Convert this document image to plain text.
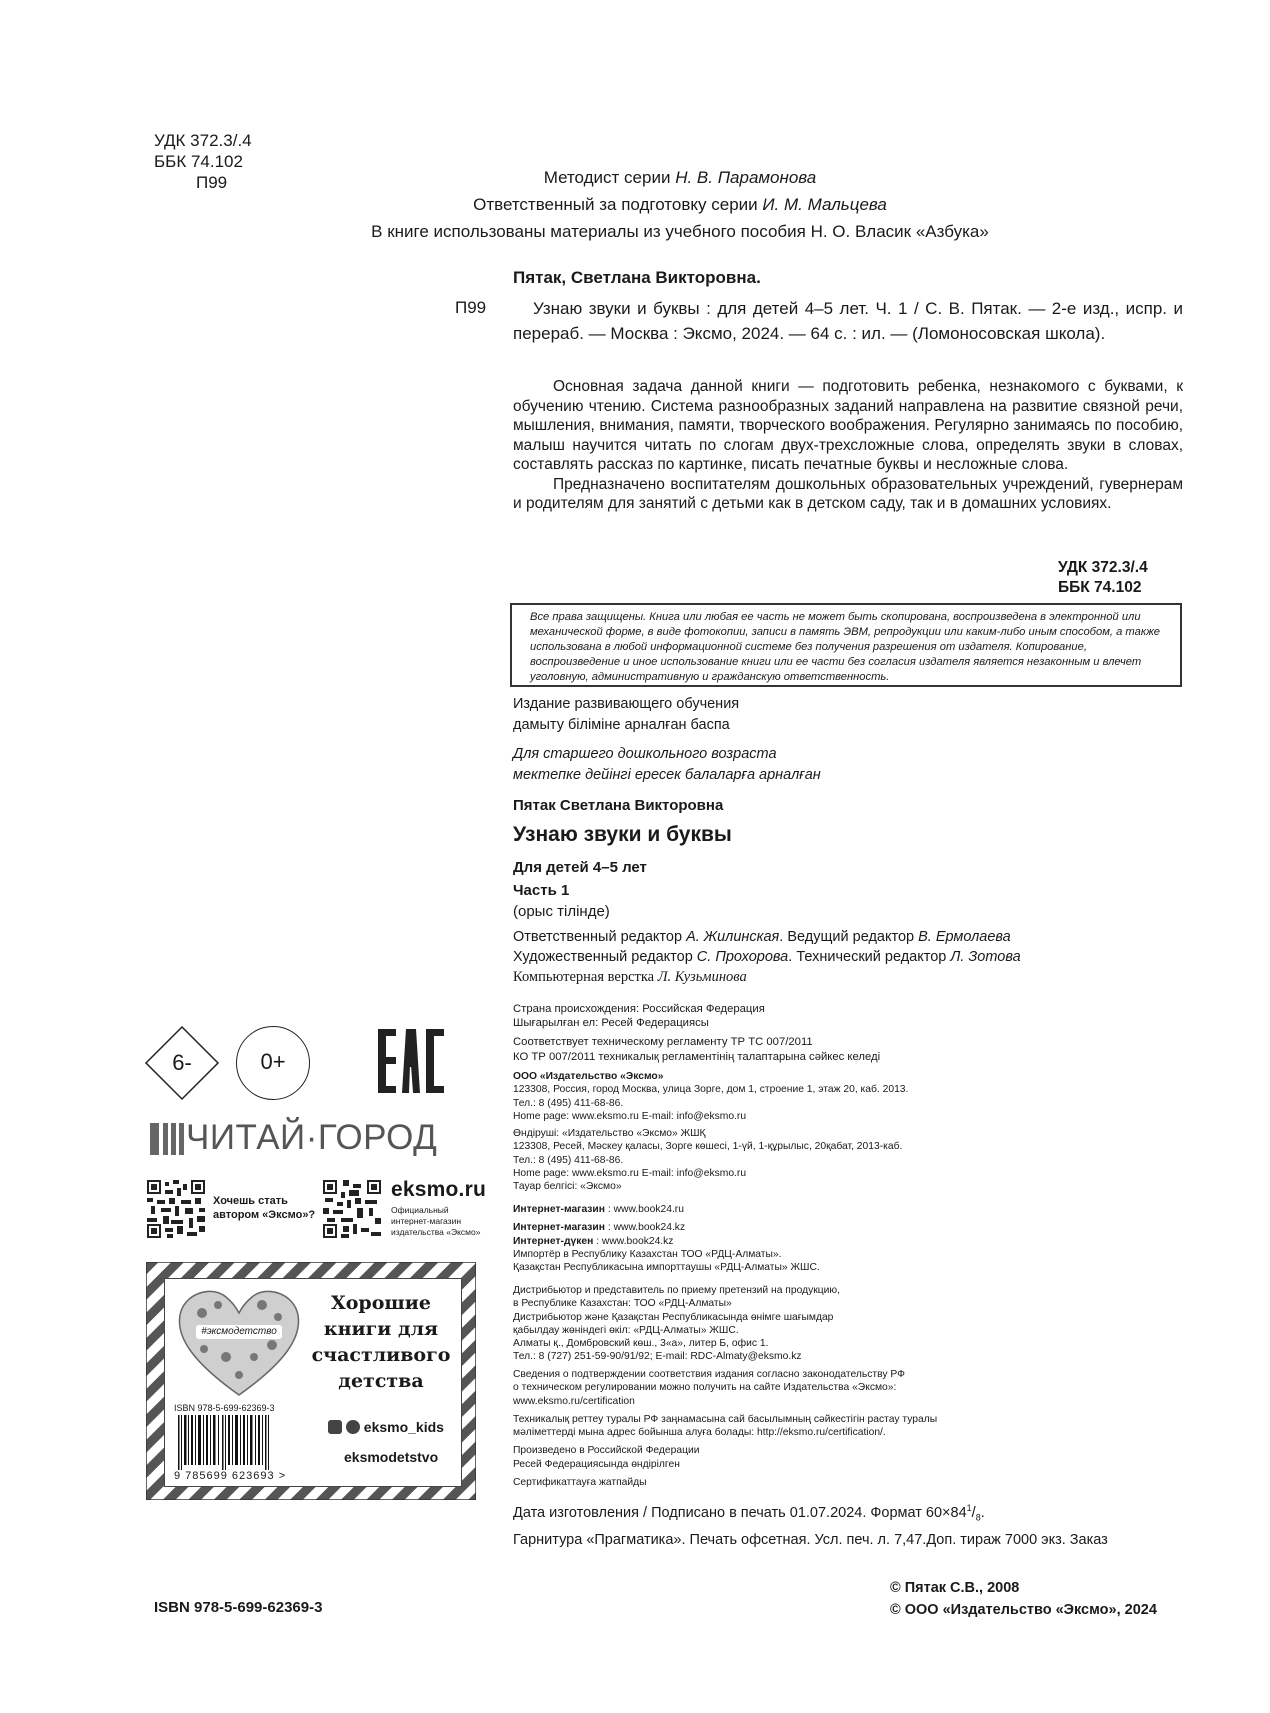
УДК 372.3/.4
ББК 74.102
П99	Методист серии Н. В. Парамонова
Ответственный за подготовку серии И. М. Мальцева
В книге использованы материалы из учебного пособия Н. О. Власик «Азбука»
Пятак, Светлана Викторовна.
П99	Узнаю звуки и буквы : для детей 4–5 лет. Ч. 1 / С. В. Пятак. — 2-е изд., испр. и перераб. — Москва : Эксмо, 2024. — 64 с. : ил. — (Ломоносовская школа).

Основная задача данной книги — подготовить ребенка, незнакомого с буквами, к обучению чтению. Система разнообразных заданий направлена на развитие связной речи, мышления, внимания, памяти, творческого воображения. Регулярно занимаясь по пособию, малыш научится читать по слогам двух-трехсложные слова, определять звуки в словах, составлять рассказ по картинке, писать печатные буквы и несложные слова.

Предназначено воспитателям дошкольных образовательных учреждений, гувернерам и родителям для занятий с детьми как в детском саду, так и в домашних условиях.

УДК 372.3/.4
ББК 74.102
Все права защищены. Книга или любая ее часть не может быть скопирована, воспроизведена в электронной или механической форме, в виде фотокопии, записи в память ЭВМ, репродукции или каким-либо иным способом, а также использована в любой информационной системе без получения разрешения от издателя. Копирование, воспроизведение и иное использование книги или ее части без согласия издателя является незаконным и влечет уголовную, административную и гражданскую ответственность.
Издание развивающего обучения
дамыту біліміне арналған баспа
Для старшего дошкольного возраста
мектепке дейінгі ересек балаларға арналған
Пятак Светлана Викторовна
Узнаю звуки и буквы
Для детей 4–5 лет
Часть 1
(орыс тілінде)
Ответственный редактор А. Жилинская. Ведущий редактор В. Ермолаева
Художественный редактор С. Прохорова. Технический редактор Л. Зотова
Компьютерная верстка Л. Кузьминова
Страна происхождения: Российская Федерация
Шығарылған ел: Ресей Федерациясы
Соответствует техническому регламенту ТР ТС 007/2011
КО ТР 007/2011 техникалық регламентінің талаптарына сәйкес келеді
ООО «Издательство «Эксмо»
123308, Россия, город Москва, улица Зорге, дом 1, строение 1, этаж 20, каб. 2013.
Тел.: 8 (495) 411-68-86.
Home page: www.eksmo.ru E-mail: info@eksmo.ru
Өндіруші: «Издательство «Эксмо» ЖШҚ
123308, Ресей, Мәскеу қаласы, Зорге көшесі, 1-үй, 1-құрылыс, 20қабат, 2013-каб.
Тел.: 8 (495) 411-68-86.
Home page: www.eksmo.ru E-mail: info@eksmo.ru
Тауар белгісі: «Эксмо»
Интернет-магазин : www.book24.ru
Интернет-магазин : www.book24.kz
Интернет-дүкен : www.book24.kz
Импортёр в Республику Казахстан ТОО «РДЦ-Алматы».
Қазақстан Республикасына импорттаушы «РДЦ-Алматы» ЖШС.
Дистрибьютор и представитель по приему претензий на продукцию,
в Республике Казахстан: ТОО «РДЦ-Алматы»
Дистрибьютор және Қазақстан Республикасында өнімге шағымдар
қабылдау жөніндегі өкіл: «РДЦ-Алматы» ЖШС.
Алматы қ., Домбровский көш., 3«а», литер Б, офис 1.
Тел.: 8 (727) 251-59-90/91/92; E-mail: RDC-Almaty@eksmo.kz
Сведения о подтверждении соответствия издания согласно законодательству РФ
о техническом регулировании можно получить на сайте Издательства «Эксмо»:
www.eksmo.ru/certification
Техникалық реттеу туралы РФ заңнамасына сай басылымның сәйкестігін растау туралы
мәліметтерді мына адрес бойынша алуға болады: http://eksmo.ru/certification/.
Произведено в Российской Федерации
Ресей Федерациясында өндірілген
Сертификаттауға жатпайды
Дата изготовления / Подписано в печать 01.07.2024. Формат $60\times 84^1/_8$.
Гарнитура «Прагматика». Печать офсетная. Усл. печ. л. 7,47.Доп. тираж 7000 экз. Заказ
© Пятак С.В., 2008
© ООО «Издательство «Эксмо», 2024
ISBN 978-5-699-62369-3
6-	0+
ЧИТАЙ·ГОРОД
Хочешь стать автором «Эксмо»?
eksmo.ru
Официальный интернет-магазин издательства «Эксмо»
#эксмодетство
Хорошие книги для счастливого детства
ISBN 978-5-699-62369-3
9 785699 623693 >
eksmo_kids
eksmodetstvo
